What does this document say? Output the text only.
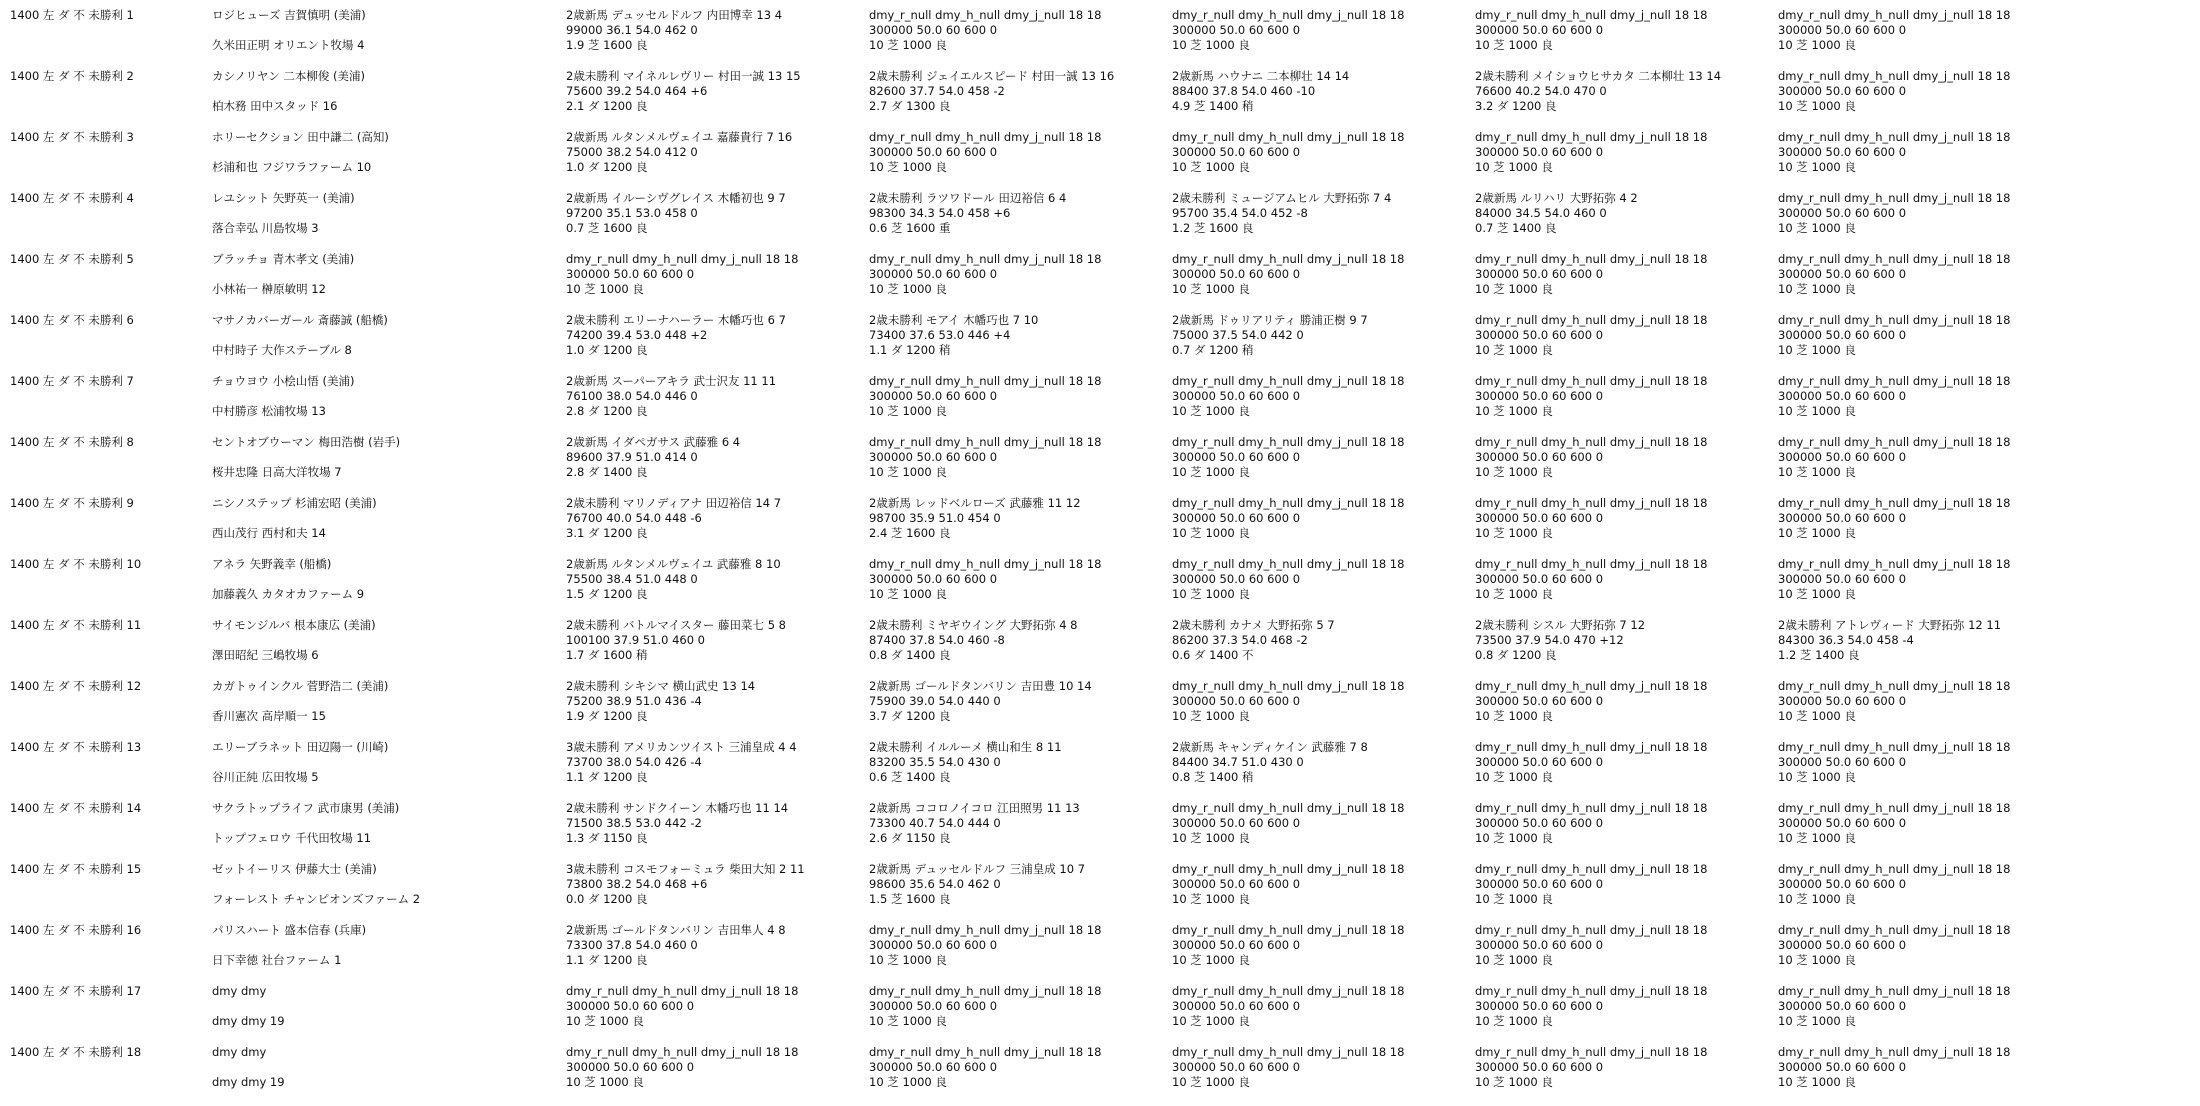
1400 左 ダ 不 未勝利 1	ロジヒューズ 吉賀慎明 (美浦)
久米田正明 オリエント牧場 4
2歳新馬 デュッセルドルフ 内田博幸 13 4
99000 36.1 54.0 462 0
1.9 芝 1600 良
dmy_r_null dmy_h_null dmy_j_null 18 18
300000 50.0 60 600 0
10 芝 1000 良
dmy_r_null dmy_h_null dmy_j_null 18 18
300000 50.0 60 600 0
10 芝 1000 良
dmy_r_null dmy_h_null dmy_j_null 18 18
300000 50.0 60 600 0
10 芝 1000 良
dmy_r_null dmy_h_null dmy_j_null 18 18
300000 50.0 60 600 0
10 芝 1000 良
1400 左 ダ 不 未勝利 2	カシノリヤン 二本柳俊 (美浦)
柏木務 田中スタッド 16
2歳未勝利 マイネルレヴリー 村田一誠 13 15
75600 39.2 54.0 464 +6
2.1 ダ 1200 良
2歳未勝利 ジェイエルスピード 村田一誠 13 16
82600 37.7 54.0 458 -2
2.7 ダ 1300 良
2歳新馬 ハウナニ 二本柳壮 14 14
88400 37.8 54.0 460 -10
4.9 芝 1400 稍
2歳未勝利 メイショウヒサカタ 二本柳壮 13 14
76600 40.2 54.0 470 0
3.2 ダ 1200 良
dmy_r_null dmy_h_null dmy_j_null 18 18
300000 50.0 60 600 0
10 芝 1000 良
1400 左 ダ 不 未勝利 3	ホリーセクション 田中謙二 (高知)
杉浦和也 フジワラファーム 10
2歳新馬 ルタンメルヴェイユ 嘉藤貴行 7 16
75000 38.2 54.0 412 0
1.0 ダ 1200 良
dmy_r_null dmy_h_null dmy_j_null 18 18
300000 50.0 60 600 0
10 芝 1000 良
dmy_r_null dmy_h_null dmy_j_null 18 18
300000 50.0 60 600 0
10 芝 1000 良
dmy_r_null dmy_h_null dmy_j_null 18 18
300000 50.0 60 600 0
10 芝 1000 良
dmy_r_null dmy_h_null dmy_j_null 18 18
300000 50.0 60 600 0
10 芝 1000 良
1400 左 ダ 不 未勝利 4	レユシット 矢野英一 (美浦)
落合幸弘 川島牧場 3
2歳新馬 イルーシヴグレイス 木幡初也 9 7
97200 35.1 53.0 458 0
0.7 芝 1600 良
2歳未勝利 ラツワドール 田辺裕信 6 4
98300 34.3 54.0 458 +6
0.6 芝 1600 重
2歳未勝利 ミュージアムヒル 大野拓弥 7 4
95700 35.4 54.0 452 -8
1.2 芝 1600 良
2歳新馬 ルリハリ 大野拓弥 4 2
84000 34.5 54.0 460 0
0.7 芝 1400 良
dmy_r_null dmy_h_null dmy_j_null 18 18
300000 50.0 60 600 0
10 芝 1000 良
1400 左 ダ 不 未勝利 5	ブラッチョ 青木孝文 (美浦)
小林祐一 榊原敏明 12
dmy_r_null dmy_h_null dmy_j_null 18 18
300000 50.0 60 600 0
10 芝 1000 良
dmy_r_null dmy_h_null dmy_j_null 18 18
300000 50.0 60 600 0
10 芝 1000 良
dmy_r_null dmy_h_null dmy_j_null 18 18
300000 50.0 60 600 0
10 芝 1000 良
dmy_r_null dmy_h_null dmy_j_null 18 18
300000 50.0 60 600 0
10 芝 1000 良
dmy_r_null dmy_h_null dmy_j_null 18 18
300000 50.0 60 600 0
10 芝 1000 良
1400 左 ダ 不 未勝利 6	マサノカバーガール 斎藤誠 (船橋)
中村時子 大作ステーブル 8
2歳未勝利 エリーナハーラー 木幡巧也 6 7
74200 39.4 53.0 448 +2
1.0 ダ 1200 良
2歳未勝利 モアイ 木幡巧也 7 10
73400 37.6 53.0 446 +4
1.1 ダ 1200 稍
2歳新馬 ドゥリアリティ 勝浦正樹 9 7
75000 37.5 54.0 442 0
0.7 ダ 1200 稍
dmy_r_null dmy_h_null dmy_j_null 18 18
300000 50.0 60 600 0
10 芝 1000 良
dmy_r_null dmy_h_null dmy_j_null 18 18
300000 50.0 60 600 0
10 芝 1000 良
1400 左 ダ 不 未勝利 7	チョウヨウ 小桧山悟 (美浦)
中村勝彦 松浦牧場 13
2歳新馬 スーパーアキラ 武士沢友 11 11
76100 38.0 54.0 446 0
2.8 ダ 1200 良
dmy_r_null dmy_h_null dmy_j_null 18 18
300000 50.0 60 600 0
10 芝 1000 良
dmy_r_null dmy_h_null dmy_j_null 18 18
300000 50.0 60 600 0
10 芝 1000 良
dmy_r_null dmy_h_null dmy_j_null 18 18
300000 50.0 60 600 0
10 芝 1000 良
dmy_r_null dmy_h_null dmy_j_null 18 18
300000 50.0 60 600 0
10 芝 1000 良
1400 左 ダ 不 未勝利 8	セントオブウーマン 梅田浩樹 (岩手)
桜井忠隆 日高大洋牧場 7
2歳新馬 イダペガサス 武藤雅 6 4
89600 37.9 51.0 414 0
2.8 ダ 1400 良
dmy_r_null dmy_h_null dmy_j_null 18 18
300000 50.0 60 600 0
10 芝 1000 良
dmy_r_null dmy_h_null dmy_j_null 18 18
300000 50.0 60 600 0
10 芝 1000 良
dmy_r_null dmy_h_null dmy_j_null 18 18
300000 50.0 60 600 0
10 芝 1000 良
dmy_r_null dmy_h_null dmy_j_null 18 18
300000 50.0 60 600 0
10 芝 1000 良
1400 左 ダ 不 未勝利 9	ニシノステップ 杉浦宏昭 (美浦)
西山茂行 西村和夫 14
2歳未勝利 マリノディアナ 田辺裕信 14 7
76700 40.0 54.0 448 -6
3.1 ダ 1200 良
2歳新馬 レッドベルローズ 武藤雅 11 12
98700 35.9 51.0 454 0
2.4 芝 1600 良
dmy_r_null dmy_h_null dmy_j_null 18 18
300000 50.0 60 600 0
10 芝 1000 良
dmy_r_null dmy_h_null dmy_j_null 18 18
300000 50.0 60 600 0
10 芝 1000 良
dmy_r_null dmy_h_null dmy_j_null 18 18
300000 50.0 60 600 0
10 芝 1000 良
1400 左 ダ 不 未勝利 10	アネラ 矢野義幸 (船橋)
加藤義久 カタオカファーム 9
2歳新馬 ルタンメルヴェイユ 武藤雅 8 10
75500 38.4 51.0 448 0
1.5 ダ 1200 良
dmy_r_null dmy_h_null dmy_j_null 18 18
300000 50.0 60 600 0
10 芝 1000 良
dmy_r_null dmy_h_null dmy_j_null 18 18
300000 50.0 60 600 0
10 芝 1000 良
dmy_r_null dmy_h_null dmy_j_null 18 18
300000 50.0 60 600 0
10 芝 1000 良
dmy_r_null dmy_h_null dmy_j_null 18 18
300000 50.0 60 600 0
10 芝 1000 良
1400 左 ダ 不 未勝利 11	サイモンジルバ 根本康広 (美浦)
澤田昭紀 三嶋牧場 6
2歳未勝利 バトルマイスター 藤田菜七 5 8
100100 37.9 51.0 460 0
1.7 ダ 1600 稍
2歳未勝利 ミヤギウイング 大野拓弥 4 8
87400 37.8 54.0 460 -8
0.8 ダ 1400 良
2歳未勝利 カナメ 大野拓弥 5 7
86200 37.3 54.0 468 -2
0.6 ダ 1400 不
2歳未勝利 シスル 大野拓弥 7 12
73500 37.9 54.0 470 +12
0.8 ダ 1200 良
2歳未勝利 アトレヴィード 大野拓弥 12 11
84300 36.3 54.0 458 -4
1.2 芝 1400 良
1400 左 ダ 不 未勝利 12	カガトゥインクル 菅野浩二 (美浦)
香川憲次 高岸順一 15
2歳未勝利 シキシマ 横山武史 13 14
75200 38.9 51.0 436 -4
1.9 ダ 1200 良
2歳新馬 ゴールドタンバリン 吉田豊 10 14
75900 39.0 54.0 440 0
3.7 ダ 1200 良
dmy_r_null dmy_h_null dmy_j_null 18 18
300000 50.0 60 600 0
10 芝 1000 良
dmy_r_null dmy_h_null dmy_j_null 18 18
300000 50.0 60 600 0
10 芝 1000 良
dmy_r_null dmy_h_null dmy_j_null 18 18
300000 50.0 60 600 0
10 芝 1000 良
1400 左 ダ 不 未勝利 13	エリーブラネット 田辺陽一 (川崎)
谷川正純 広田牧場 5
3歳未勝利 アメリカンツイスト 三浦皇成 4 4
73700 38.0 54.0 426 -4
1.1 ダ 1200 良
2歳未勝利 イルルーメ 横山和生 8 11
83200 35.5 54.0 430 0
0.6 芝 1400 良
2歳新馬 キャンディケイン 武藤雅 7 8
84400 34.7 51.0 430 0
0.8 芝 1400 稍
dmy_r_null dmy_h_null dmy_j_null 18 18
300000 50.0 60 600 0
10 芝 1000 良
dmy_r_null dmy_h_null dmy_j_null 18 18
300000 50.0 60 600 0
10 芝 1000 良
1400 左 ダ 不 未勝利 14	サクラトップライフ 武市康男 (美浦)
トップフェロウ 千代田牧場 11
2歳未勝利 サンドクイーン 木幡巧也 11 14
71500 38.5 53.0 442 -2
1.3 ダ 1150 良
2歳新馬 ココロノイコロ 江田照男 11 13
73300 40.7 54.0 444 0
2.6 ダ 1150 良
dmy_r_null dmy_h_null dmy_j_null 18 18
300000 50.0 60 600 0
10 芝 1000 良
dmy_r_null dmy_h_null dmy_j_null 18 18
300000 50.0 60 600 0
10 芝 1000 良
dmy_r_null dmy_h_null dmy_j_null 18 18
300000 50.0 60 600 0
10 芝 1000 良
1400 左 ダ 不 未勝利 15	ゼットイーリス 伊藤大士 (美浦)
フォーレスト チャンピオンズファーム 2
3歳未勝利 コスモフォーミュラ 柴田大知 2 11
73800 38.2 54.0 468 +6
0.0 ダ 1200 良
2歳新馬 デュッセルドルフ 三浦皇成 10 7
98600 35.6 54.0 462 0
1.5 芝 1600 良
dmy_r_null dmy_h_null dmy_j_null 18 18
300000 50.0 60 600 0
10 芝 1000 良
dmy_r_null dmy_h_null dmy_j_null 18 18
300000 50.0 60 600 0
10 芝 1000 良
dmy_r_null dmy_h_null dmy_j_null 18 18
300000 50.0 60 600 0
10 芝 1000 良
1400 左 ダ 不 未勝利 16	パリスハート 盛本信春 (兵庫)
日下幸徳 社台ファーム 1
2歳新馬 ゴールドタンバリン 吉田隼人 4 8
73300 37.8 54.0 460 0
1.1 ダ 1200 良
dmy_r_null dmy_h_null dmy_j_null 18 18
300000 50.0 60 600 0
10 芝 1000 良
dmy_r_null dmy_h_null dmy_j_null 18 18
300000 50.0 60 600 0
10 芝 1000 良
dmy_r_null dmy_h_null dmy_j_null 18 18
300000 50.0 60 600 0
10 芝 1000 良
dmy_r_null dmy_h_null dmy_j_null 18 18
300000 50.0 60 600 0
10 芝 1000 良
1400 左 ダ 不 未勝利 17	dmy dmy
dmy dmy 19
dmy_r_null dmy_h_null dmy_j_null 18 18
300000 50.0 60 600 0
10 芝 1000 良
dmy_r_null dmy_h_null dmy_j_null 18 18
300000 50.0 60 600 0
10 芝 1000 良
dmy_r_null dmy_h_null dmy_j_null 18 18
300000 50.0 60 600 0
10 芝 1000 良
dmy_r_null dmy_h_null dmy_j_null 18 18
300000 50.0 60 600 0
10 芝 1000 良
dmy_r_null dmy_h_null dmy_j_null 18 18
300000 50.0 60 600 0
10 芝 1000 良
1400 左 ダ 不 未勝利 18	dmy dmy
dmy dmy 19
dmy_r_null dmy_h_null dmy_j_null 18 18
300000 50.0 60 600 0
10 芝 1000 良
dmy_r_null dmy_h_null dmy_j_null 18 18
300000 50.0 60 600 0
10 芝 1000 良
dmy_r_null dmy_h_null dmy_j_null 18 18
300000 50.0 60 600 0
10 芝 1000 良
dmy_r_null dmy_h_null dmy_j_null 18 18
300000 50.0 60 600 0
10 芝 1000 良
dmy_r_null dmy_h_null dmy_j_null 18 18
300000 50.0 60 600 0
10 芝 1000 良
